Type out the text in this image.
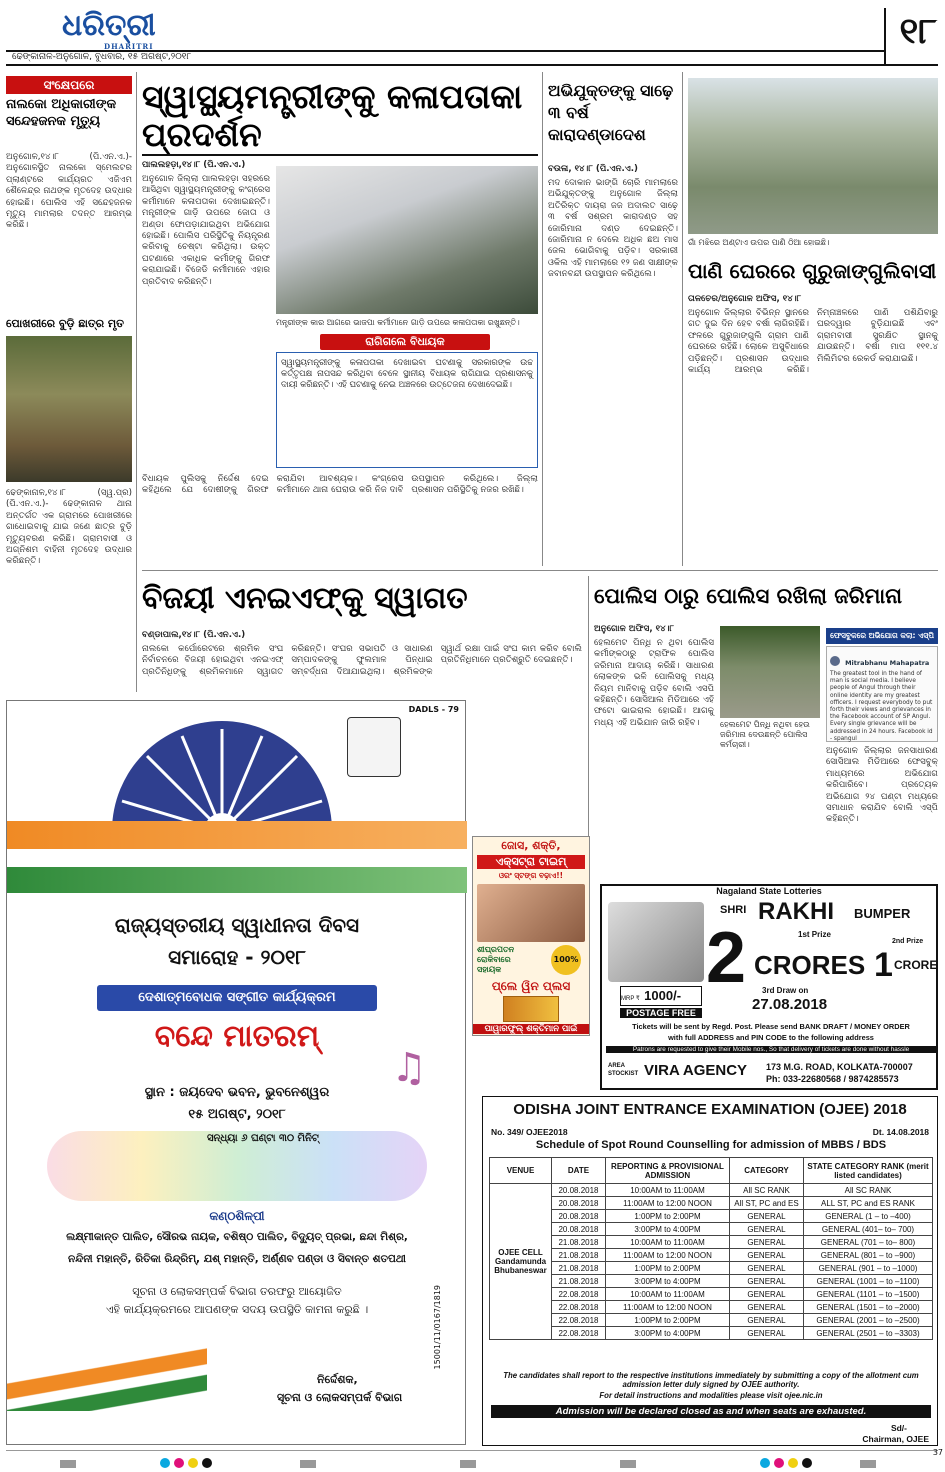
ଧରିତ୍ରୀ
DHARITRI	୧୮
ଢେଙ୍କାନାଳ-ଅନୁଗୋଳ, ବୁଧବାର, ୧୫ ଅଗଷ୍ଟ,୨୦୧୮
ସଂକ୍ଷେପରେ
ନାଲକୋ ଅଧିକାରୀଙ୍କ ସନ୍ଦେହଜନକ ମୃତ୍ୟୁ
ଅନୁଗୋଳ,୧୪।୮ (ପି.ଏନ.ଏ.)- ଅନୁଗୋଳସ୍ଥିତ ନାଲକୋ ସ୍ମେଲଟର ପ୍ଲାଣ୍ଟରେ କାର୍ଯ୍ୟରତ ଏଜିଏମ ଶୈଳେନ୍ଦ୍ର ନାଥଙ୍କ ମୃତଦେହ ଉଦ୍ଧାର ହୋଇଛି। ପୋଲିସ ଏହି ସନ୍ଦେହଜନକ ମୃତ୍ୟୁ ମାମଲାର ତଦନ୍ତ ଆରମ୍ଭ କରିଛି।
ପୋଖରୀରେ ବୁଡ଼ି ଛାତ୍ର ମୃତ
ଢେଙ୍କାନାଳ,୧୪।୮ (ସ୍ୱ.ପ୍ର)(ପି.ଏନ.ଏ.)- ଢେଙ୍କାନାଳ ଥାନା ଅନ୍ତର୍ଗତ ଏକ ଗ୍ରାମରେ ପୋଖରୀରେ ଗାଧୋଇବାକୁ ଯାଇ ଜଣେ ଛାତ୍ର ବୁଡ଼ି ମୃତ୍ୟୁବରଣ କରିଛି। ଗ୍ରାମବାସୀ ଓ ଅଗ୍ନିଶମ ବାହିନୀ ମୃତଦେହ ଉଦ୍ଧାର କରିଛନ୍ତି।
ସ୍ୱାସ୍ଥ୍ୟମନ୍ତ୍ରୀଙ୍କୁ କଳାପତାକା ପ୍ରଦର୍ଶନ
ପାଲଲହଡ଼ା,୧୪।୮ (ପି.ଏନ.ଏ.)
ଅନୁଗୋଳ ଜିଲ୍ଲା ପାଲଲହଡ଼ା ସହରରେ ଆସିଥିବା ସ୍ୱାସ୍ଥ୍ୟମନ୍ତ୍ରୀଙ୍କୁ କଂଗ୍ରେସ କର୍ମୀମାନେ କଳାପତାକା ଦେଖାଇଛନ୍ତି। ମନ୍ତ୍ରୀଙ୍କ ଗାଡ଼ି ଉପରେ ଜୋତା ଓ ଅଣ୍ଡା ଫୋପଡ଼ାଯାଇଥିବା ଅଭିଯୋଗ ହୋଇଛି। ପୋଲିସ ପରିସ୍ଥିତିକୁ ନିୟନ୍ତ୍ରଣ କରିବାକୁ ଚେଷ୍ଟା କରିଥିଲା। ଉକ୍ତ ଘଟଣାରେ ଏକାଧିକ କର୍ମୀଙ୍କୁ ଗିରଫ କରାଯାଇଛି। ବିଜେଡି କର୍ମୀମାନେ ଏହାର ପ୍ରତିବାଦ କରିଛନ୍ତି।
ମନ୍ତ୍ରୀଙ୍କ କାର ଆଗରେ ଭାଜପା କର୍ମୀମାନେ ଗାଡ଼ି ଉପରେ କଳାପତାକା ରଖୁଛନ୍ତି।
ରାଗିଗଲେ ବିଧାୟକ
ସ୍ୱାସ୍ଥ୍ୟମନ୍ତ୍ରୀଙ୍କୁ କଳାପତାକା ଦେଖାଇବା ଘଟଣାକୁ ସରକାରଙ୍କ ଉଚ୍ଚ କର୍ତ୍ତୃପକ୍ଷ ନାପସନ୍ଦ କରିଥିବା ବେଳେ ସ୍ଥାନୀୟ ବିଧାୟକ ରାଗିଯାଇ ପ୍ରଶାସନକୁ ଦାୟୀ କରିଛନ୍ତି। ଏହି ଘଟଣାକୁ ନେଇ ଅଞ୍ଚଳରେ ଉତ୍ତେଜନା ଦେଖାଦେଇଛି।
ବିଧାୟକ ପୁଲିସକୁ ନିର୍ଦ୍ଦେଶ ଦେଇ କହିଥିଲେ ଯେ ଦୋଷୀଙ୍କୁ ଗିରଫ କରାଯିବା ଆବଶ୍ୟକ। କଂଗ୍ରେସ କର୍ମୀମାନେ ଥାନା ଘେରାଉ କରି ନିଜ ଦାବି ଉପସ୍ଥାପନ କରିଥିଲେ। ଜିଲ୍ଲା ପ୍ରଶାସନ ପରିସ୍ଥିତିକୁ ନଜର ରଖିଛି।
ଅଭିଯୁକ୍ତଙ୍କୁ ସାଢ଼େ ୩ ବର୍ଷ କାରାଦଣ୍ଡାଦେଶ
ବଉଳା, ୧୪।୮ (ପି.ଏନ.ଏ.)
ମଦ ଦୋକାନ ଭାଙ୍ଗି ଚୋରି ମାମଲାରେ ଅଭିଯୁକ୍ତଙ୍କୁ ଅନୁଗୋଳ ଜିଲ୍ଲା ଅତିରିକ୍ତ ଦାୟରା ଜଜ ଅଦାଲତ ସାଢ଼େ ୩ ବର୍ଷ ସଶ୍ରମ କାରାଦଣ୍ଡ ସହ ଜୋରିମାନା ଦଣ୍ଡ ଦେଇଛନ୍ତି। ଜୋରିମାନା ନ ଦେଲେ ଅଧିକ ଛଅ ମାସ ଜେଲ ଭୋଗିବାକୁ ପଡ଼ିବ। ସରକାରୀ ଓକିଲ ଏହି ମାମଲାରେ ୧୨ ଜଣ ସାକ୍ଷୀଙ୍କ ଜବାନବନ୍ଦୀ ଉପସ୍ଥାପନ କରିଥିଲେ।
ଗାଁ ମଝିରେ ଅଣ୍ଟାଏ ଉପର ପାଣି ଠିଆ ହୋଇଛି।
ପାଣି ଘେରରେ ଗୁରୁଜାଙ୍ଗୁଲିବାସୀ
ତାଳଚେର/ଅନୁଗୋଳ ଅଫିସ, ୧୪।୮
ଅନୁଗୋଳ ଜିଲ୍ଲାର ବିଭିନ୍ନ ସ୍ଥାନରେ ଗତ ଦୁଇ ଦିନ ହେବ ବର୍ଷା ଲାଗିରହିଛି। ଫଳରେ ଗୁରୁଜାଙ୍ଗୁଲି ଗ୍ରାମ ପାଣି ଘେରରେ ରହିଛି। ଲୋକେ ଅସୁବିଧାରେ ପଡ଼ିଛନ୍ତି। ପ୍ରଶାସନ ଉଦ୍ଧାର କାର୍ଯ୍ୟ ଆରମ୍ଭ କରିଛି। ନିମ୍ନାଞ୍ଚଳରେ ପାଣି ପଶିଯିବାରୁ ଘରଦ୍ୱାର ବୁଡ଼ିଯାଇଛି ଏବଂ ଗ୍ରାମବାସୀ ସୁରକ୍ଷିତ ସ୍ଥାନକୁ ଯାଉଛନ୍ତି। ବର୍ଷା ମାପ ୧୧୧.୪ ମିଲିମିଟର ରେକର୍ଡ କରାଯାଇଛି।
ବିଜୟୀ ଏନଇଏଫ୍‌କୁ ସ୍ୱାଗତ
ବଣ୍ଡାପାଲ,୧୪।୮ (ପି.ଏନ.ଏ.)
ନାଲକୋ କର୍ପୋରେଟରେ ଶ୍ରମିକ ସଂଘ ନିର୍ବାଚନରେ ବିଜୟୀ ହୋଇଥିବା ଏନଇଏଫ୍ ପ୍ରତିନିଧିଙ୍କୁ ଶ୍ରମିକମାନେ ସ୍ୱାଗତ କରିଛନ୍ତି। ସଂଘର ସଭାପତି ଓ ସାଧାରଣ ସମ୍ପାଦକଙ୍କୁ ଫୁଲମାଳ ପିନ୍ଧାଇ ସମ୍ବର୍ଦ୍ଧନା ଦିଆଯାଇଥିଲା। ଶ୍ରମିକଙ୍କ ସ୍ୱାର୍ଥ ରକ୍ଷା ପାଇଁ ସଂଘ କାମ କରିବ ବୋଲି ପ୍ରତିନିଧିମାନେ ପ୍ରତିଶ୍ରୁତି ଦେଇଛନ୍ତି।
ପୋଲିସ ଠାରୁ ପୋଲିସ ରଖିଲା ଜରିମାନା
ଅନୁଗୋଳ ଅଫିସ, ୧୪।୮
ହେଲମେଟ ପିନ୍ଧି ନ ଥିବା ପୋଲିସ କର୍ମୀଙ୍କଠାରୁ ଟ୍ରାଫିକ ପୋଲିସ ଜରିମାନା ଆଦାୟ କରିଛି। ସାଧାରଣ ଲୋକଙ୍କ ଭଳି ପୋଲିସକୁ ମଧ୍ୟ ନିୟମ ମାନିବାକୁ ପଡ଼ିବ ବୋଲି ଏସପି କହିଛନ୍ତି। ସୋସିଆଲ ମିଡିଆରେ ଏହି ଫଟୋ ଭାଇରାଲ ହୋଇଛି। ଆଗକୁ ମଧ୍ୟ ଏହି ଅଭିଯାନ ଜାରି ରହିବ।	ହେଲମେଟ ପିନ୍ଧି ନଥିବା ହେଉ ଜରିମାନା ଦେଉଛନ୍ତି ପୋଲିସ କର୍ମଚାରୀ।
ଫେସବୁକରେ ଅଭିଯୋଗ କଲା: ଏସ୍‌ପି
Mitrabhanu Mahapatra
The greatest tool in the hand of man is social media. I believe people of Angul through their online identity are my greatest officers. I request everybody to put forth their views and grievances in the Facebook account of SP Angul. Every single grievance will be addressed in 24 hours. Facebook id - spangul
ଅନୁଗୋଳ ଜିଲ୍ଲାର ଜନସାଧାରଣ ସୋସିଆଲ ମିଡିଆରେ ଫେସବୁକ୍ ମାଧ୍ୟମରେ ଅଭିଯୋଗ କରିପାରିବେ। ପ୍ରତ୍ୟେକ ଅଭିଯୋଗ ୨୪ ଘଣ୍ଟା ମଧ୍ୟରେ ସମାଧାନ କରାଯିବ ବୋଲି ଏସ୍‌ପି କହିଛନ୍ତି।
DADLS - 79
ରାଜ୍ୟସ୍ତରୀୟ ସ୍ୱାଧୀନତା ଦିବସ
ସମାରୋହ - ୨୦୧୮
ଦେଶାତ୍ମବୋଧକ ସଙ୍ଗୀତ କାର୍ଯ୍ୟକ୍ରମ
ବନ୍ଦେ ମାତରମ୍
♫
ସ୍ଥାନ : ଜୟଦେବ ଭବନ, ଭୁବନେଶ୍ୱର
୧୫ ଅଗଷ୍ଟ, ୨୦୧୮
ସନ୍ଧ୍ୟା ୬ ଘଣ୍ଟା ୩୦ ମିନିଟ୍
କଣ୍ଠଶିଳ୍ପୀ
ଲକ୍ଷ୍ମୀକାନ୍ତ ପାଲିତ, ସୌରଭ ନାୟକ, ବଶିଷ୍ଠ ପାଲିତ, ବିଦ୍ୟୁତ୍ ପ୍ରଭା, ଛନ୍ଦା ମିଶ୍ର,
ନନ୍ଦିନୀ ମହାନ୍ତି, ରିତିକା ରିନ୍ଦ୍ରିମ୍, ଯଶ୍ ମହାନ୍ତି, ଅର୍ଣ୍ଣବ ପଣ୍ଡା ଓ ସିବାନ୍ତ ଶତପଥୀ
ସୂଚନା ଓ ଲୋକସମ୍ପର୍କ ବିଭାଗ ତରଫରୁ ଆୟୋଜିତ
ଏହି କାର୍ଯ୍ୟକ୍ରମରେ ଆପଣଙ୍କ ସଦୟ ଉପସ୍ଥିତି କାମନା କରୁଛି ।	15001/11/0167/1819
ନିର୍ଦ୍ଦେଶକ,
ସୂଚନା ଓ ଲୋକସମ୍ପର୍କ ବିଭାଗ
ଜୋସ, ଶକ୍ତି,
ଏକ୍ସଟ୍ରା ଟାଇମ୍
ଓରଂ ସ୍ଟଙ୍ଗ ବଢ଼ାଏ!!
ଶୀଘ୍ରପତନ
ରୋକିବାରେ
ସହାୟକ
100%
ପ୍ଲେ ୱିନ ପ୍ଲସ
ପାୱାରଫୁଲ୍ ଶକ୍ତିମାନ ପାଇଁ
Nagaland State Lotteries
SHRI RAKHI BUMPER
1st Prize
2 CRORES
MRP ₹ 1000/-
POSTAGE FREE
3rd Draw on
27.08.2018
2nd Prize
1 CRORE
Tickets will be sent by Regd. Post. Please send BANK DRAFT / MONEY ORDER
with full ADDRESS and PIN CODE to the following address
Patrons are requested to give their Mobile nos., So that delivery of tickets are done without hassle
AREA STOCKIST VIRA AGENCY 173 M.G. ROAD, KOLKATA-700007
Ph: 033-22680568 / 9874285573
ODISHA JOINT ENTRANCE EXAMINATION (OJEE) 2018
No. 349/ OJEE2018	Dt. 14.08.2018
Schedule of Spot Round Counselling for admission of MBBS / BDS
VENUE	DATE	REPORTING & PROVISIONAL ADMISSION	CATEGORY	STATE CATEGORY RANK (merit listed candidates)
OJEE CELL Gandamunda Bhubaneswar	20.08.2018	10:00AM to 11:00AM	All SC RANK	All SC RANK
	20.08.2018	11:00AM to 12:00 NOON	All ST, PC and ES	ALL ST, PC and ES RANK
	20.08.2018	1:00PM to 2:00PM	GENERAL	GENERAL (1 – to –400)
	20.08.2018	3:00PM to 4:00PM	GENERAL	GENERAL (401– to– 700)
	21.08.2018	10:00AM to 11:00AM	GENERAL	GENERAL (701 – to– 800)
	21.08.2018	11:00AM to 12:00 NOON	GENERAL	GENERAL (801 – to –900)
	21.08.2018	1:00PM to 2:00PM	GENERAL	GENERAL (901 – to –1000)
	21.08.2018	3:00PM to 4:00PM	GENERAL	GENERAL (1001 – to –1100)
	22.08.2018	10:00AM to 11:00AM	GENERAL	GENERAL (1101 – to –1500)
	22.08.2018	11:00AM to 12:00 NOON	GENERAL	GENERAL (1501 – to –2000)
	22.08.2018	1:00PM to 2:00PM	GENERAL	GENERAL (2001 – to –2500)
	22.08.2018	3:00PM to 4:00PM	GENERAL	GENERAL (2501 – to –3303)
The candidates shall report to the respective institutions immediately by submitting a copy of the allotment cum admission letter duly signed by OJEE authority.
For detail instructions and modalities please visit ojee.nic.in
Admission will be declared closed as and when seats are exhausted.
Sd/-
Chairman, OJEE
37
